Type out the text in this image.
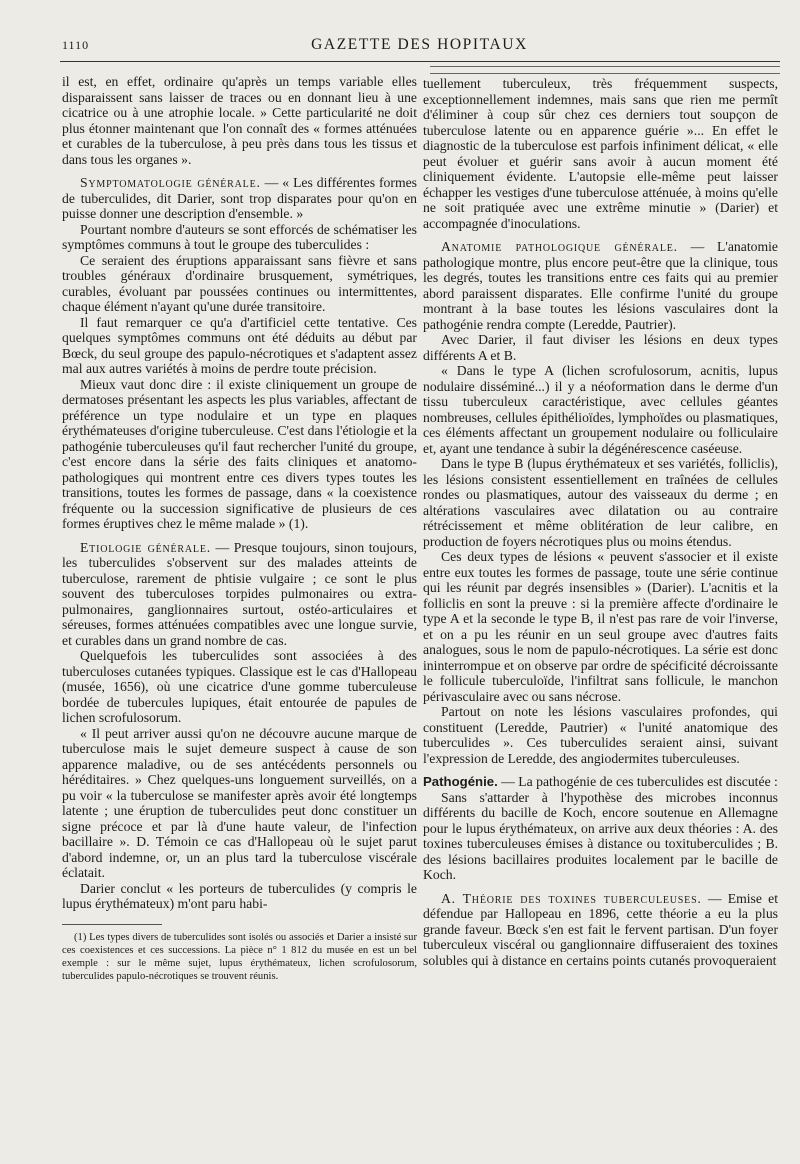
1110	GAZETTE DES HOPITAUX

il est, en effet, ordinaire qu'après un temps variable elles disparaissent sans laisser de traces ou en donnant lieu à une cicatrice ou à une atrophie locale. » Cette particularité ne doit plus étonner maintenant que l'on connaît des « formes atténuées et curables de la tuberculose, à peu près dans tous les tissus et dans tous les organes ».

Symptomatologie générale. — « Les différentes formes de tuberculides, dit Darier, sont trop disparates pour qu'on en puisse donner une description d'ensemble. »

Pourtant nombre d'auteurs se sont efforcés de schématiser les symptômes communs à tout le groupe des tuberculides :

Ce seraient des éruptions apparaissant sans fièvre et sans troubles généraux d'ordinaire brusquement, symétriques, curables, évoluant par poussées continues ou intermittentes, chaque élément n'ayant qu'une durée transitoire.

Il faut remarquer ce qu'a d'artificiel cette tentative. Ces quelques symptômes communs ont été déduits au début par Bœck, du seul groupe des papulo-nécrotiques et s'adaptent assez mal aux autres variétés à moins de perdre toute précision.

Mieux vaut donc dire : il existe cliniquement un groupe de dermatoses présentant les aspects les plus variables, affectant de préférence un type nodulaire et un type en plaques érythémateuses d'origine tuberculeuse. C'est dans l'étiologie et la pathogénie tuberculeuses qu'il faut rechercher l'unité du groupe, c'est encore dans la série des faits cliniques et anatomo-pathologiques qui montrent entre ces divers types toutes les transitions, toutes les formes de passage, dans « la coexistence fréquente ou la succession significative de plusieurs de ces formes éruptives chez le même malade » (1).

Etiologie générale. — Presque toujours, sinon toujours, les tuberculides s'observent sur des malades atteints de tuberculose, rarement de phtisie vulgaire ; ce sont le plus souvent des tuberculoses torpides pulmonaires ou extra-pulmonaires, ganglionnaires surtout, ostéo-articulaires et séreuses, formes atténuées compatibles avec une longue survie, et curables dans un grand nombre de cas.

Quelquefois les tuberculides sont associées à des tuberculoses cutanées typiques. Classique est le cas d'Hallopeau (musée, 1656), où une cicatrice d'une gomme tuberculeuse bordée de tubercules lupiques, était entourée de papules de lichen scrofulosorum.

« Il peut arriver aussi qu'on ne découvre aucune marque de tuberculose mais le sujet demeure suspect à cause de son apparence maladive, ou de ses antécédents personnels ou héréditaires. » Chez quelques-uns longuement surveillés, on a pu voir « la tuberculose se manifester après avoir été longtemps latente ; une éruption de tuberculides peut donc constituer un signe précoce et par là d'une haute valeur, de l'infection bacillaire ». D. Témoin ce cas d'Hallopeau où le sujet parut d'abord indemne, or, un an plus tard la tuberculose viscérale éclatait.

Darier conclut « les porteurs de tuberculides (y compris le lupus érythémateux) m'ont paru habi-

(1) Les types divers de tuberculides sont isolés ou associés et Darier a insisté sur ces coexistences et ces successions. La pièce n° 1 812 du musée en est un bel exemple : sur le même sujet, lupus érythémateux, lichen scrofulosorum, tuberculides papulo-nécrotiques se trouvent réunis.

tuellement tuberculeux, très fréquemment suspects, exceptionnellement indemnes, mais sans que rien me permît d'éliminer à coup sûr chez ces derniers tout soupçon de tuberculose latente ou en apparence guérie »... En effet le diagnostic de la tuberculose est parfois infiniment délicat, « elle peut évoluer et guérir sans avoir à aucun moment été cliniquement évidente. L'autopsie elle-même peut laisser échapper les vestiges d'une tuberculose atténuée, à moins qu'elle ne soit pratiquée avec une extrême minutie » (Darier) et accompagnée d'inoculations.

Anatomie pathologique générale. — L'anatomie pathologique montre, plus encore peut-être que la clinique, tous les degrés, toutes les transitions entre ces faits qui au premier abord paraissent disparates. Elle confirme l'unité du groupe montrant à la base toutes les lésions vasculaires dont la pathogénie rendra compte (Leredde, Pautrier).

Avec Darier, il faut diviser les lésions en deux types différents A et B.

« Dans le type A (lichen scrofulosorum, acnitis, lupus nodulaire disséminé...) il y a néoformation dans le derme d'un tissu tuberculeux caractéristique, avec cellules géantes nombreuses, cellules épithélioïdes, lymphoïdes ou plasmatiques, ces éléments affectant un groupement nodulaire ou folliculaire et, ayant une tendance à subir la dégénérescence caséeuse.

Dans le type B (lupus érythémateux et ses variétés, folliclis), les lésions consistent essentiellement en traînées de cellules rondes ou plasmatiques, autour des vaisseaux du derme ; en altérations vasculaires avec dilatation ou au contraire rétrécissement et même oblitération de leur calibre, en production de foyers nécrotiques plus ou moins étendus.

Ces deux types de lésions « peuvent s'associer et il existe entre eux toutes les formes de passage, toute une série continue qui les réunit par degrés insensibles » (Darier). L'acnitis et la folliclis en sont la preuve : si la première affecte d'ordinaire le type A et la seconde le type B, il n'est pas rare de voir l'inverse, et on a pu les réunir en un seul groupe avec d'autres faits analogues, sous le nom de papulo-nécrotiques. La série est donc ininterrompue et on observe par ordre de spécificité décroissante le follicule tuberculoïde, l'infiltrat sans follicule, le manchon périvasculaire avec ou sans nécrose.

Partout on note les lésions vasculaires profondes, qui constituent (Leredde, Pautrier) « l'unité anatomique des tuberculides ». Ces tuberculides seraient ainsi, suivant l'expression de Leredde, des angiodermites tuberculeuses.

Pathogénie. — La pathogénie de ces tuberculides est discutée :

Sans s'attarder à l'hypothèse des microbes inconnus différents du bacille de Koch, encore soutenue en Allemagne pour le lupus érythémateux, on arrive aux deux théories : A. des toxines tuberculeuses émises à distance ou toxituberculides ; B. des lésions bacillaires produites localement par le bacille de Koch.

A. Théorie des toxines tuberculeuses. — Emise et défendue par Hallopeau en 1896, cette théorie a eu la plus grande faveur. Bœck s'en est fait le fervent partisan. D'un foyer tuberculeux viscéral ou ganglionnaire diffuseraient des toxines solubles qui à distance en certains points cutanés provoqueraient
